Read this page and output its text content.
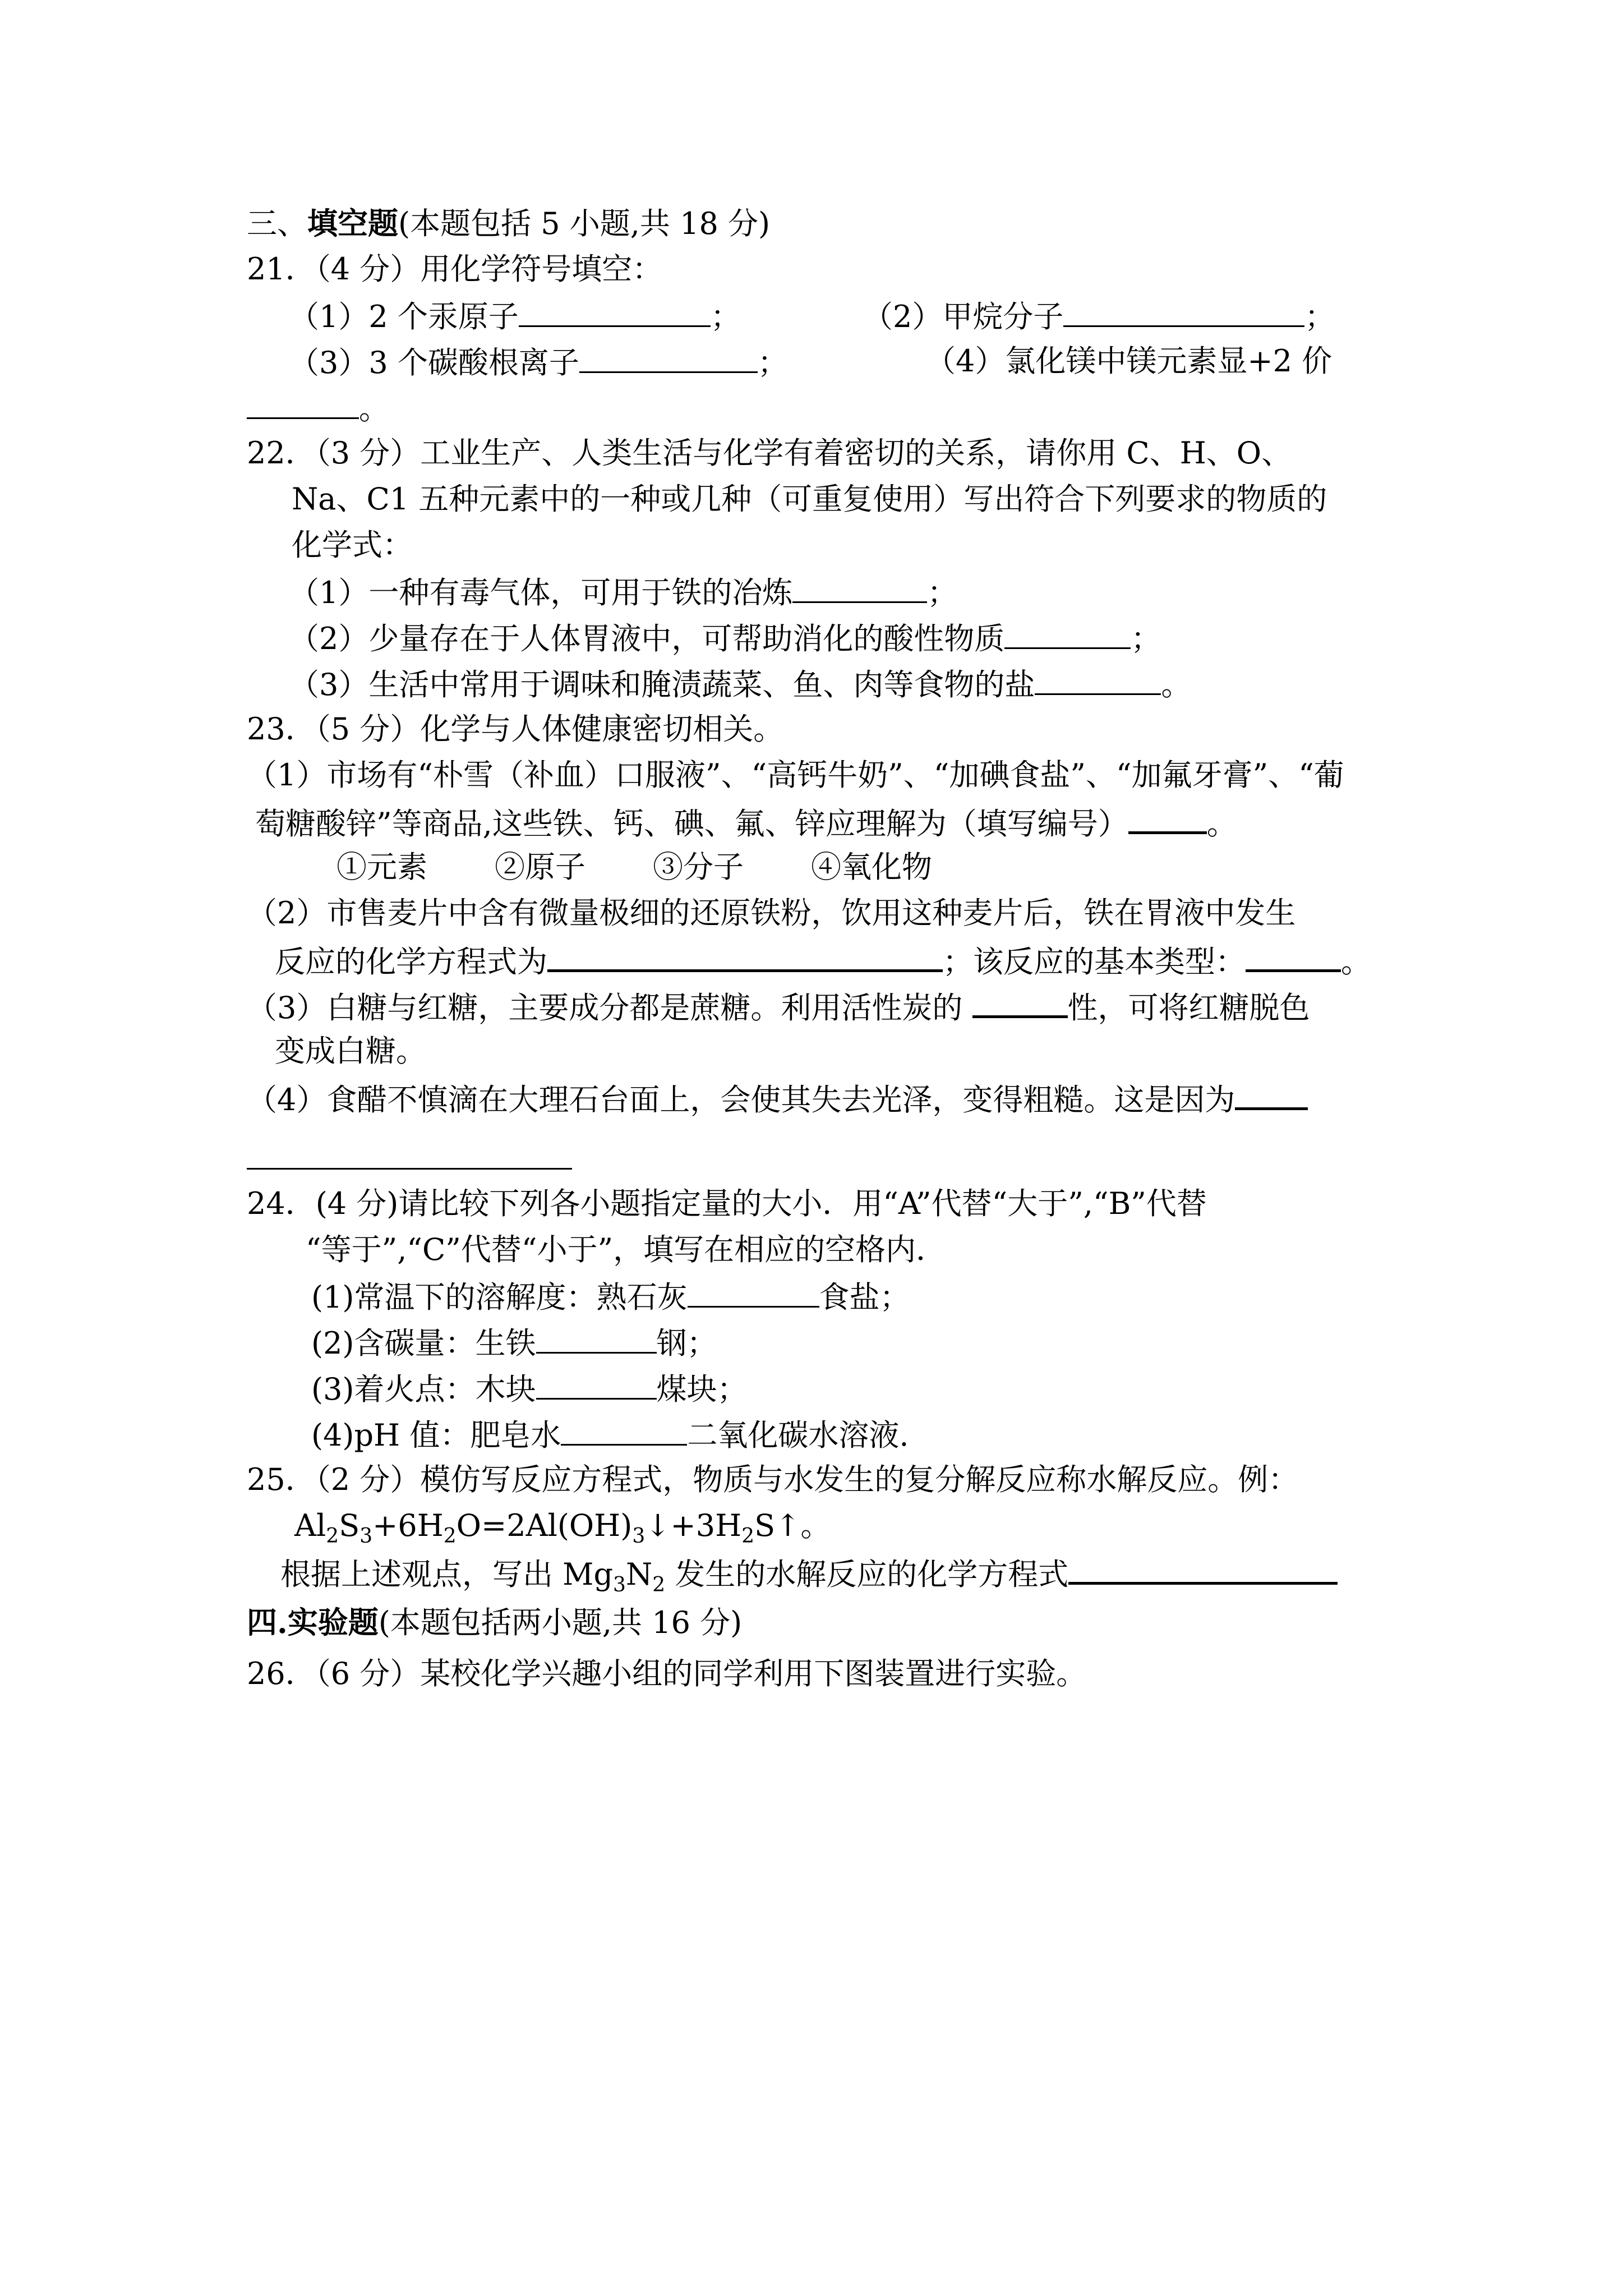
三、填空题(本题包括 5 小题,共 18 分)
21．（4 分）用化学符号填空：
（1）2 个汞原子	；	（2）甲烷分子	；
（3）3 个碳酸根离子	；	（4）氯化镁中镁元素显+2 价
。
22．（3 分）工业生产、人类生活与化学有着密切的关系，请你用 C、H、O、
Na、C1 五种元素中的一种或几种（可重复使用）写出符合下列要求的物质的
化学式：
（1）一种有毒气体，可用于铁的冶炼	；
（2）少量存在于人体胃液中，可帮助消化的酸性物质	；
（3）生活中常用于调味和腌渍蔬菜、鱼、肉等食物的盐	。
23．（5 分）化学与人体健康密切相关。
（1）市场有“朴雪（补血）口服液”、“高钙牛奶”、“加碘食盐”、“加氟牙膏”、“葡
萄糖酸锌”等商品,这些铁、钙、碘、氟、锌应理解为（填写编号）	。
①元素 ②原子 ③分子 ④氧化物
（2）市售麦片中含有微量极细的还原铁粉，饮用这种麦片后，铁在胃液中发生
反应的化学方程式为	；该反应的基本类型：	。
（3）白糖与红糖，主要成分都是蔗糖。利用活性炭的	性，可将红糖脱色
变成白糖。
（4）食醋不慎滴在大理石台面上，会使其失去光泽，变得粗糙。这是因为
24．(4 分)请比较下列各小题指定量的大小．用“A”代替“大于”,“B”代替
“等于”,“C”代替“小于”，填写在相应的空格内．
(1)常温下的溶解度：熟石灰	食盐；
(2)含碳量：生铁	钢；
(3)着火点：木块	煤块；
(4)pH 值：肥皂水	二氧化碳水溶液.
25．（2 分）模仿写反应方程式，物质与水发生的复分解反应称水解反应。例：
$Al_2S_3+6H_2O=2Al(OH)_3↓+3H_2S↑$。
根据上述观点，写出 $Mg_3N_2$ 发生的水解反应的化学方程式
四.实验题(本题包括两小题,共 16 分)
26．（6 分）某校化学兴趣小组的同学利用下图装置进行实验。
